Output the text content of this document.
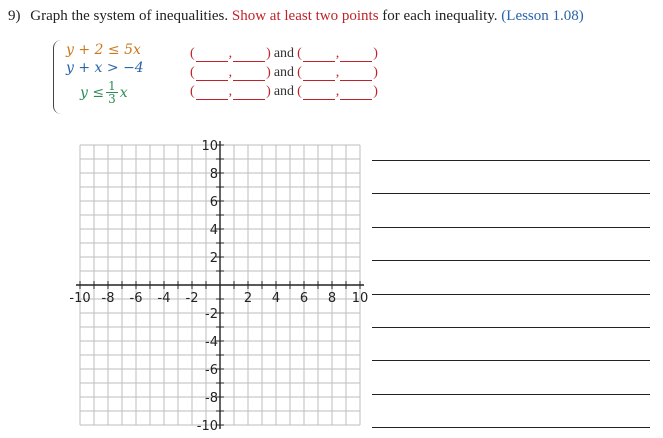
9) Graph the system of inequalities. Show at least two points for each inequality. (Lesson 1.08)
y + 2 ≤ 5x
y + x > −4
$y \le \frac{1}{3}$ x
( , ) and ( , )
( , ) and ( , )
( , ) and ( , )
-10 -8 -6 -4 -2	2 4 6 8 10
10
8
6
4
2
-2
-4
-6
-8
-10
